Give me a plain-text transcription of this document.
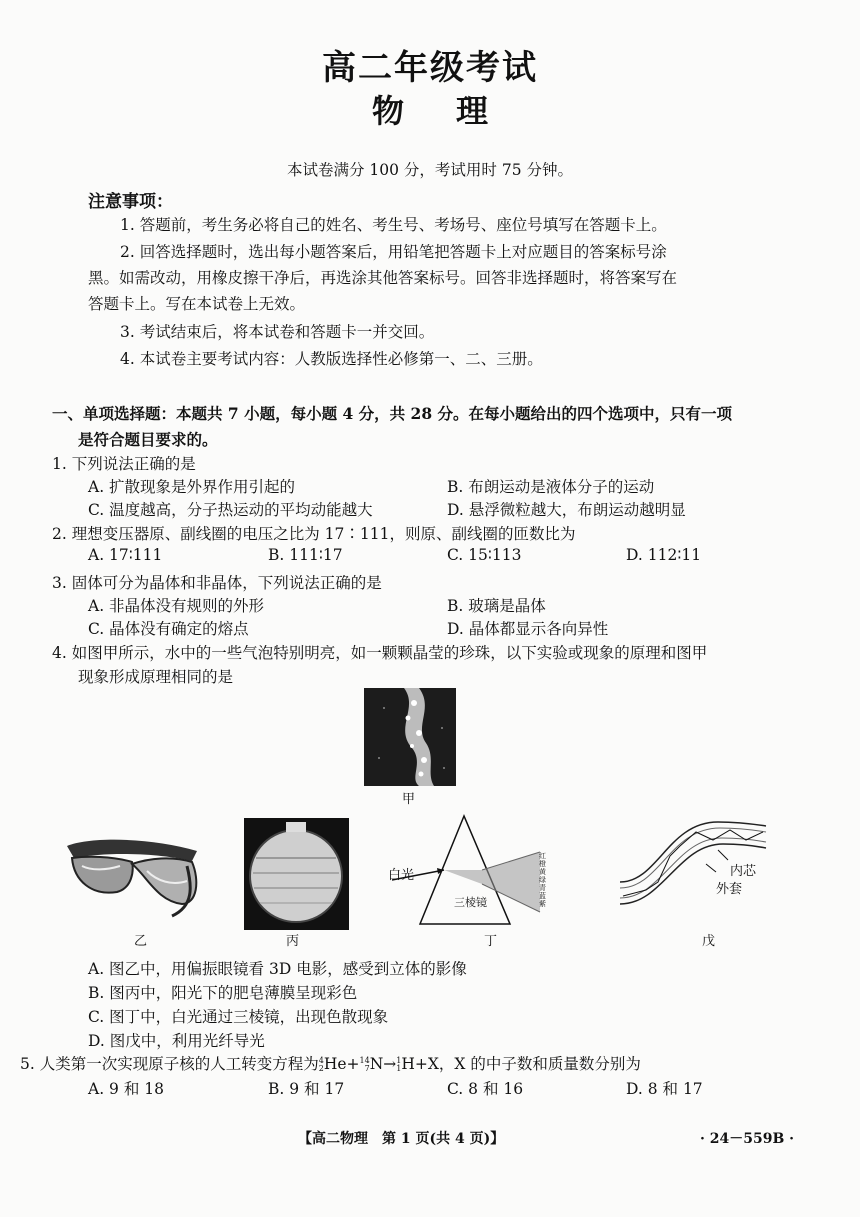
高二年级考试
物理
本试卷满分 100 分，考试用时 75 分钟。
注意事项：
1. 答题前，考生务必将自己的姓名、考生号、考场号、座位号填写在答题卡上。
2. 回答选择题时，选出每小题答案后，用铅笔把答题卡上对应题目的答案标号涂
黑。如需改动，用橡皮擦干净后，再选涂其他答案标号。回答非选择题时，将答案写在
答题卡上。写在本试卷上无效。
3. 考试结束后，将本试卷和答题卡一并交回。
4. 本试卷主要考试内容：人教版选择性必修第一、二、三册。
一、单项选择题：本题共 7 小题，每小题 4 分，共 28 分。在每小题给出的四个选项中，只有一项
是符合题目要求的。
1. 下列说法正确的是
A. 扩散现象是外界作用引起的	B. 布朗运动是液体分子的运动
C. 温度越高，分子热运动的平均动能越大	D. 悬浮微粒越大，布朗运动越明显
2. 理想变压器原、副线圈的电压之比为 17∶111，则原、副线圈的匝数比为
A. 17∶111	B. 111∶17	C. 15∶113	D. 112∶11
3. 固体可分为晶体和非晶体，下列说法正确的是
A. 非晶体没有规则的外形	B. 玻璃是晶体
C. 晶体没有确定的熔点	D. 晶体都显示各向异性
4. 如图甲所示，水中的一些气泡特别明亮，如一颗颗晶莹的珍珠，以下实验或现象的原理和图甲
现象形成原理相同的是
甲
乙	丙
白光
三棱镜
红橙黄绿青蓝紫
丁
内芯
外套
戊
A. 图乙中，用偏振眼镜看 3D 电影，感受到立体的影像
B. 图丙中，阳光下的肥皂薄膜呈现彩色
C. 图丁中，白光通过三棱镜，出现色散现象
D. 图戊中，利用光纤导光
5. 人类第一次实现原子核的人工转变方程为 4
2 He+ 14
7 N→ 1
1 H+X，X 的中子数和质量数分别为
A. 9 和 18	B. 9 和 17	C. 8 和 16	D. 8 和 17
【高二物理　第 1 页(共 4 页)】	· 24－559B ·
